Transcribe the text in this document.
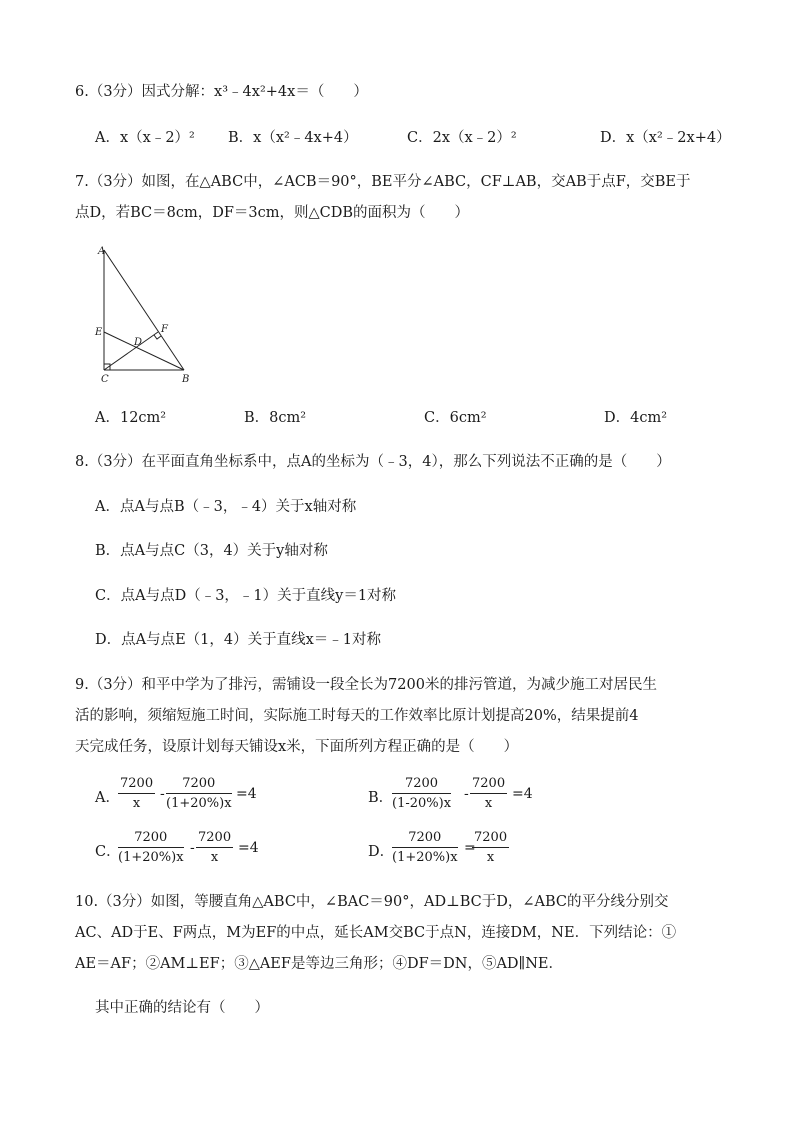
6.（3分）因式分解：x³﹣4x²+4x＝（　　）
A．x（x﹣2）² B．x（x²﹣4x+4）	C．2x（x﹣2）²	D．x（x²﹣2x+4）
7.（3分）如图，在△ABC中，∠ACB＝90°，BE平分∠ABC，CF⊥AB，交AB于点F，交BE于
点D，若BC＝8cm，DF＝3cm，则△CDB的面积为（　　）
A
E	F
D
C	B
A．12cm²	B．8cm²	C．6cm²	D．4cm²
8.（3分）在平面直角坐标系中，点A的坐标为（﹣3，4），那么下列说法不正确的是（　　）
A．点A与点B（﹣3，﹣4）关于x轴对称
B．点A与点C（3，4）关于y轴对称
C．点A与点D（﹣3，﹣1）关于直线y＝1对称
D．点A与点E（1，4）关于直线x＝﹣1对称
9.（3分）和平中学为了排污，需铺设一段全长为7200米的排污管道，为减少施工对居民生
活的影响，须缩短施工时间，实际施工时每天的工作效率比原计划提高20%，结果提前4
天完成任务，设原计划每天铺设x米，下面所列方程正确的是（　　）
A．
$\frac{7200}{x} - \frac{7200}{(1+20\%)x} =4$	B．
$\frac{7200}{(1-20\%)x} - \frac{7200}{x} =4$
C．
$\frac{7200}{(1+20\%)x} - \frac{7200}{x} =4$	D．
$\frac{7200}{(1+20\%)x}$ =
$\frac{7200}{x}$
10.（3分）如图，等腰直角△ABC中，∠BAC＝90°，AD⊥BC于D，∠ABC的平分线分别交
AC、AD于E、F两点，M为EF的中点，延长AM交BC于点N，连接DM，NE．下列结论：①
AE＝AF；②AM⊥EF；③△AEF是等边三角形；④DF＝DN，⑤AD∥NE．
其中正确的结论有（　　）
